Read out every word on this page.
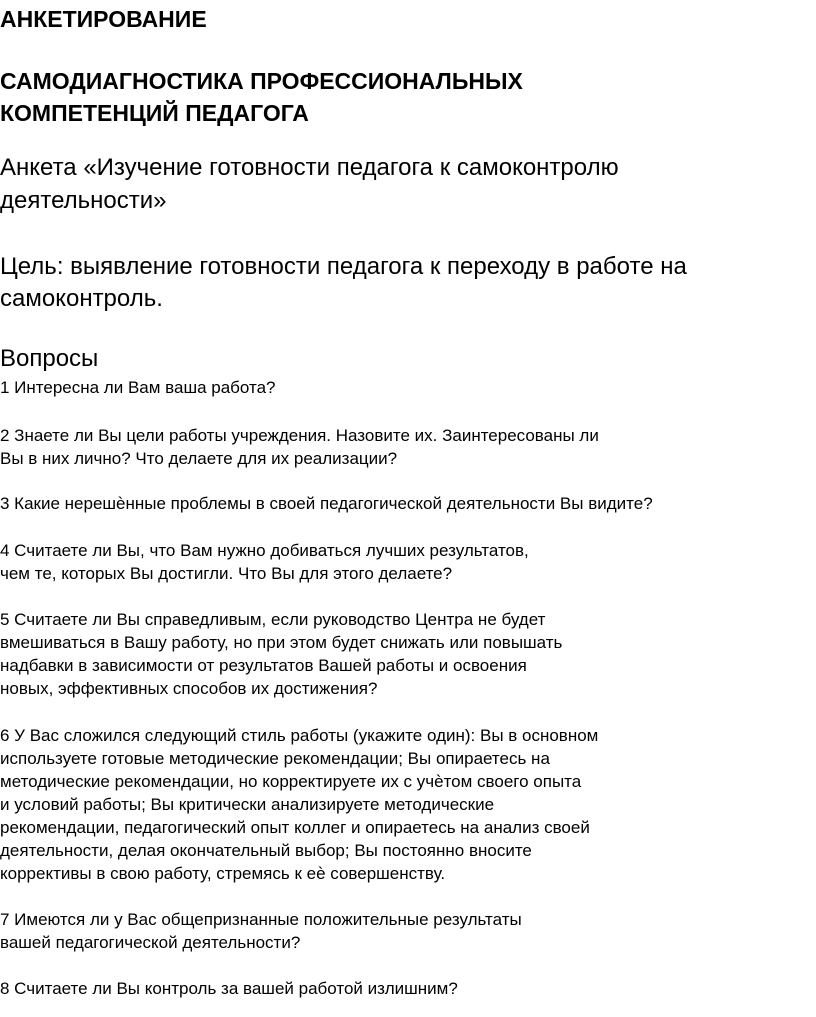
АНКЕТИРОВАНИЕ

САМОДИАГНОСТИКА ПРОФЕССИОНАЛЬНЫХ

КОМПЕТЕНЦИЙ ПЕДАГОГА

Анкета «Изучение готовности педагога к самоконтролю

деятельности»

Цель: выявление готовности педагога к переходу в работе на

самоконтроль.

Вопросы

1 Интересна ли Вам ваша работа?

2 Знаете ли Вы цели работы учреждения. Назовите их. Заинтересованы ли

Вы в них лично? Что делаете для их реализации?

3 Какие нерешѐнные проблемы в своей педагогической деятельности Вы видите?

4 Считаете ли Вы, что Вам нужно добиваться лучших результатов,

чем те, которых Вы достигли. Что Вы для этого делаете?

5 Считаете ли Вы справедливым, если руководство Центра не будет

вмешиваться в Вашу работу, но при этом будет снижать или повышать

надбавки в зависимости от результатов Вашей работы и освоения

новых, эффективных способов их достижения?

6 У Вас сложился следующий стиль работы (укажите один): Вы в основном

используете готовые методические рекомендации; Вы опираетесь на

методические рекомендации, но корректируете их с учѐтом своего опыта

и условий работы; Вы критически анализируете методические

рекомендации, педагогический опыт коллег и опираетесь на анализ своей

деятельности, делая окончательный выбор; Вы постоянно вносите

коррективы в свою работу, стремясь к еѐ совершенству.

7 Имеются ли у Вас общепризнанные положительные результаты

вашей педагогической деятельности?

8 Считаете ли Вы контроль за вашей работой излишним?
